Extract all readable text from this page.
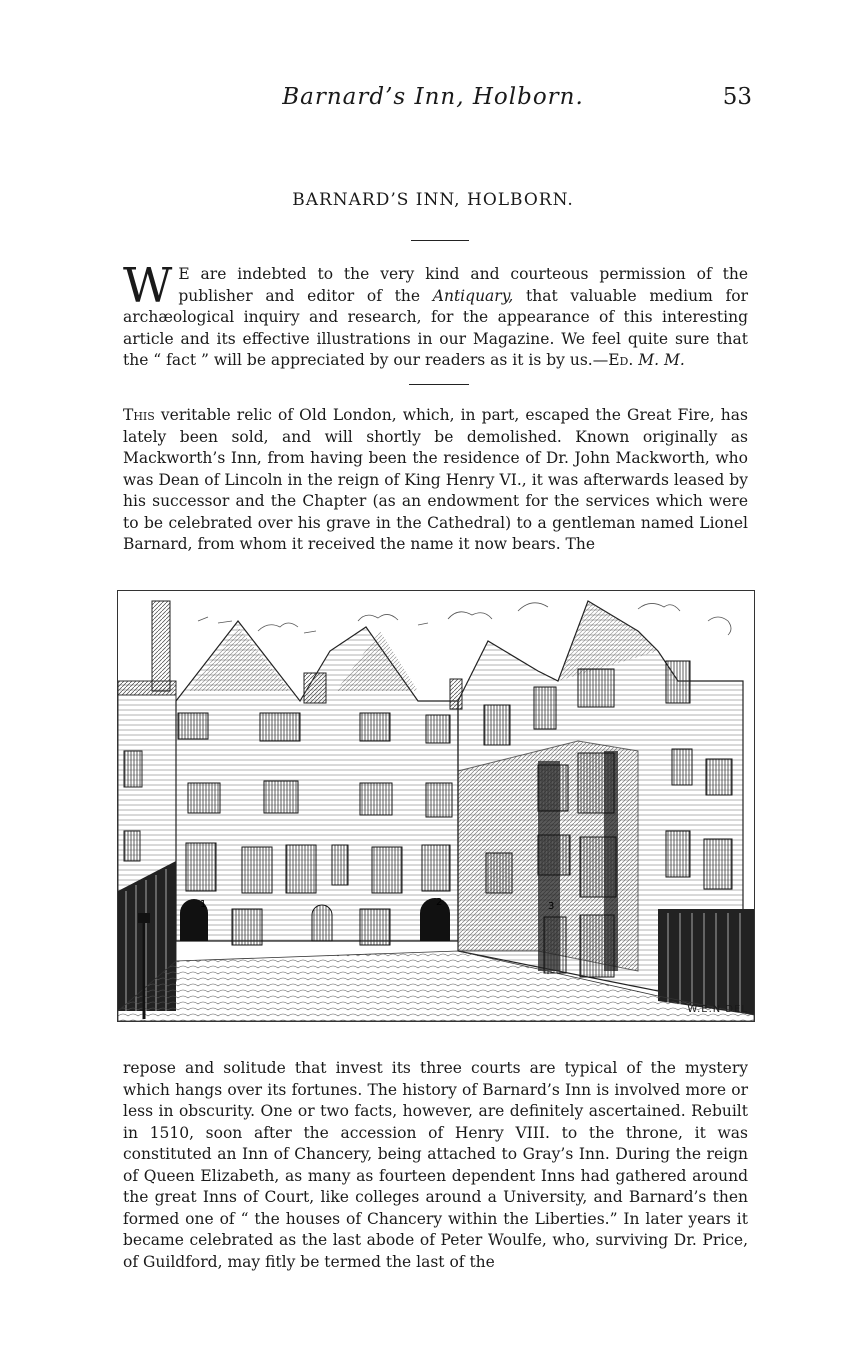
Barnard’s Inn, Holborn.	53
BARNARD’S INN, HOLBORN.
W E are indebted to the very kind and courteous permission of the publisher and editor of the Antiquary, that valuable medium for archæological inquiry and research, for the appearance of this interesting article and its effective illustrations in our Magazine. We feel quite sure that the “ fact ” will be appreciated by our readers as it is by us.—Ed. M. M.

This veritable relic of Old London, which, in part, escaped the Great Fire, has lately been sold, and will shortly be demolished. Known originally as Mackworth’s Inn, from having been the residence of Dr. John Mackworth, who was Dean of Lincoln in the reign of King Henry VI., it was afterwards leased by his successor and the Chapter (as an endowment for the services which were to be celebrated over his grave in the Cathedral) to a gentleman named Lionel Barnard, from whom it received the name it now bears. The

1	2	3
W.E.N DEL

repose and solitude that invest its three courts are typical of the mystery which hangs over its fortunes. The history of Barnard’s Inn is involved more or less in obscurity. One or two facts, however, are definitely ascertained. Rebuilt in 1510, soon after the accession of Henry VIII. to the throne, it was constituted an Inn of Chancery, being attached to Gray’s Inn. During the reign of Queen Elizabeth, as many as fourteen dependent Inns had gathered around the great Inns of Court, like colleges around a University, and Barnard’s then formed one of “ the houses of Chancery within the Liberties.” In later years it became celebrated as the last abode of Peter Woulfe, who, surviving Dr. Price, of Guildford, may fitly be termed the last of the
